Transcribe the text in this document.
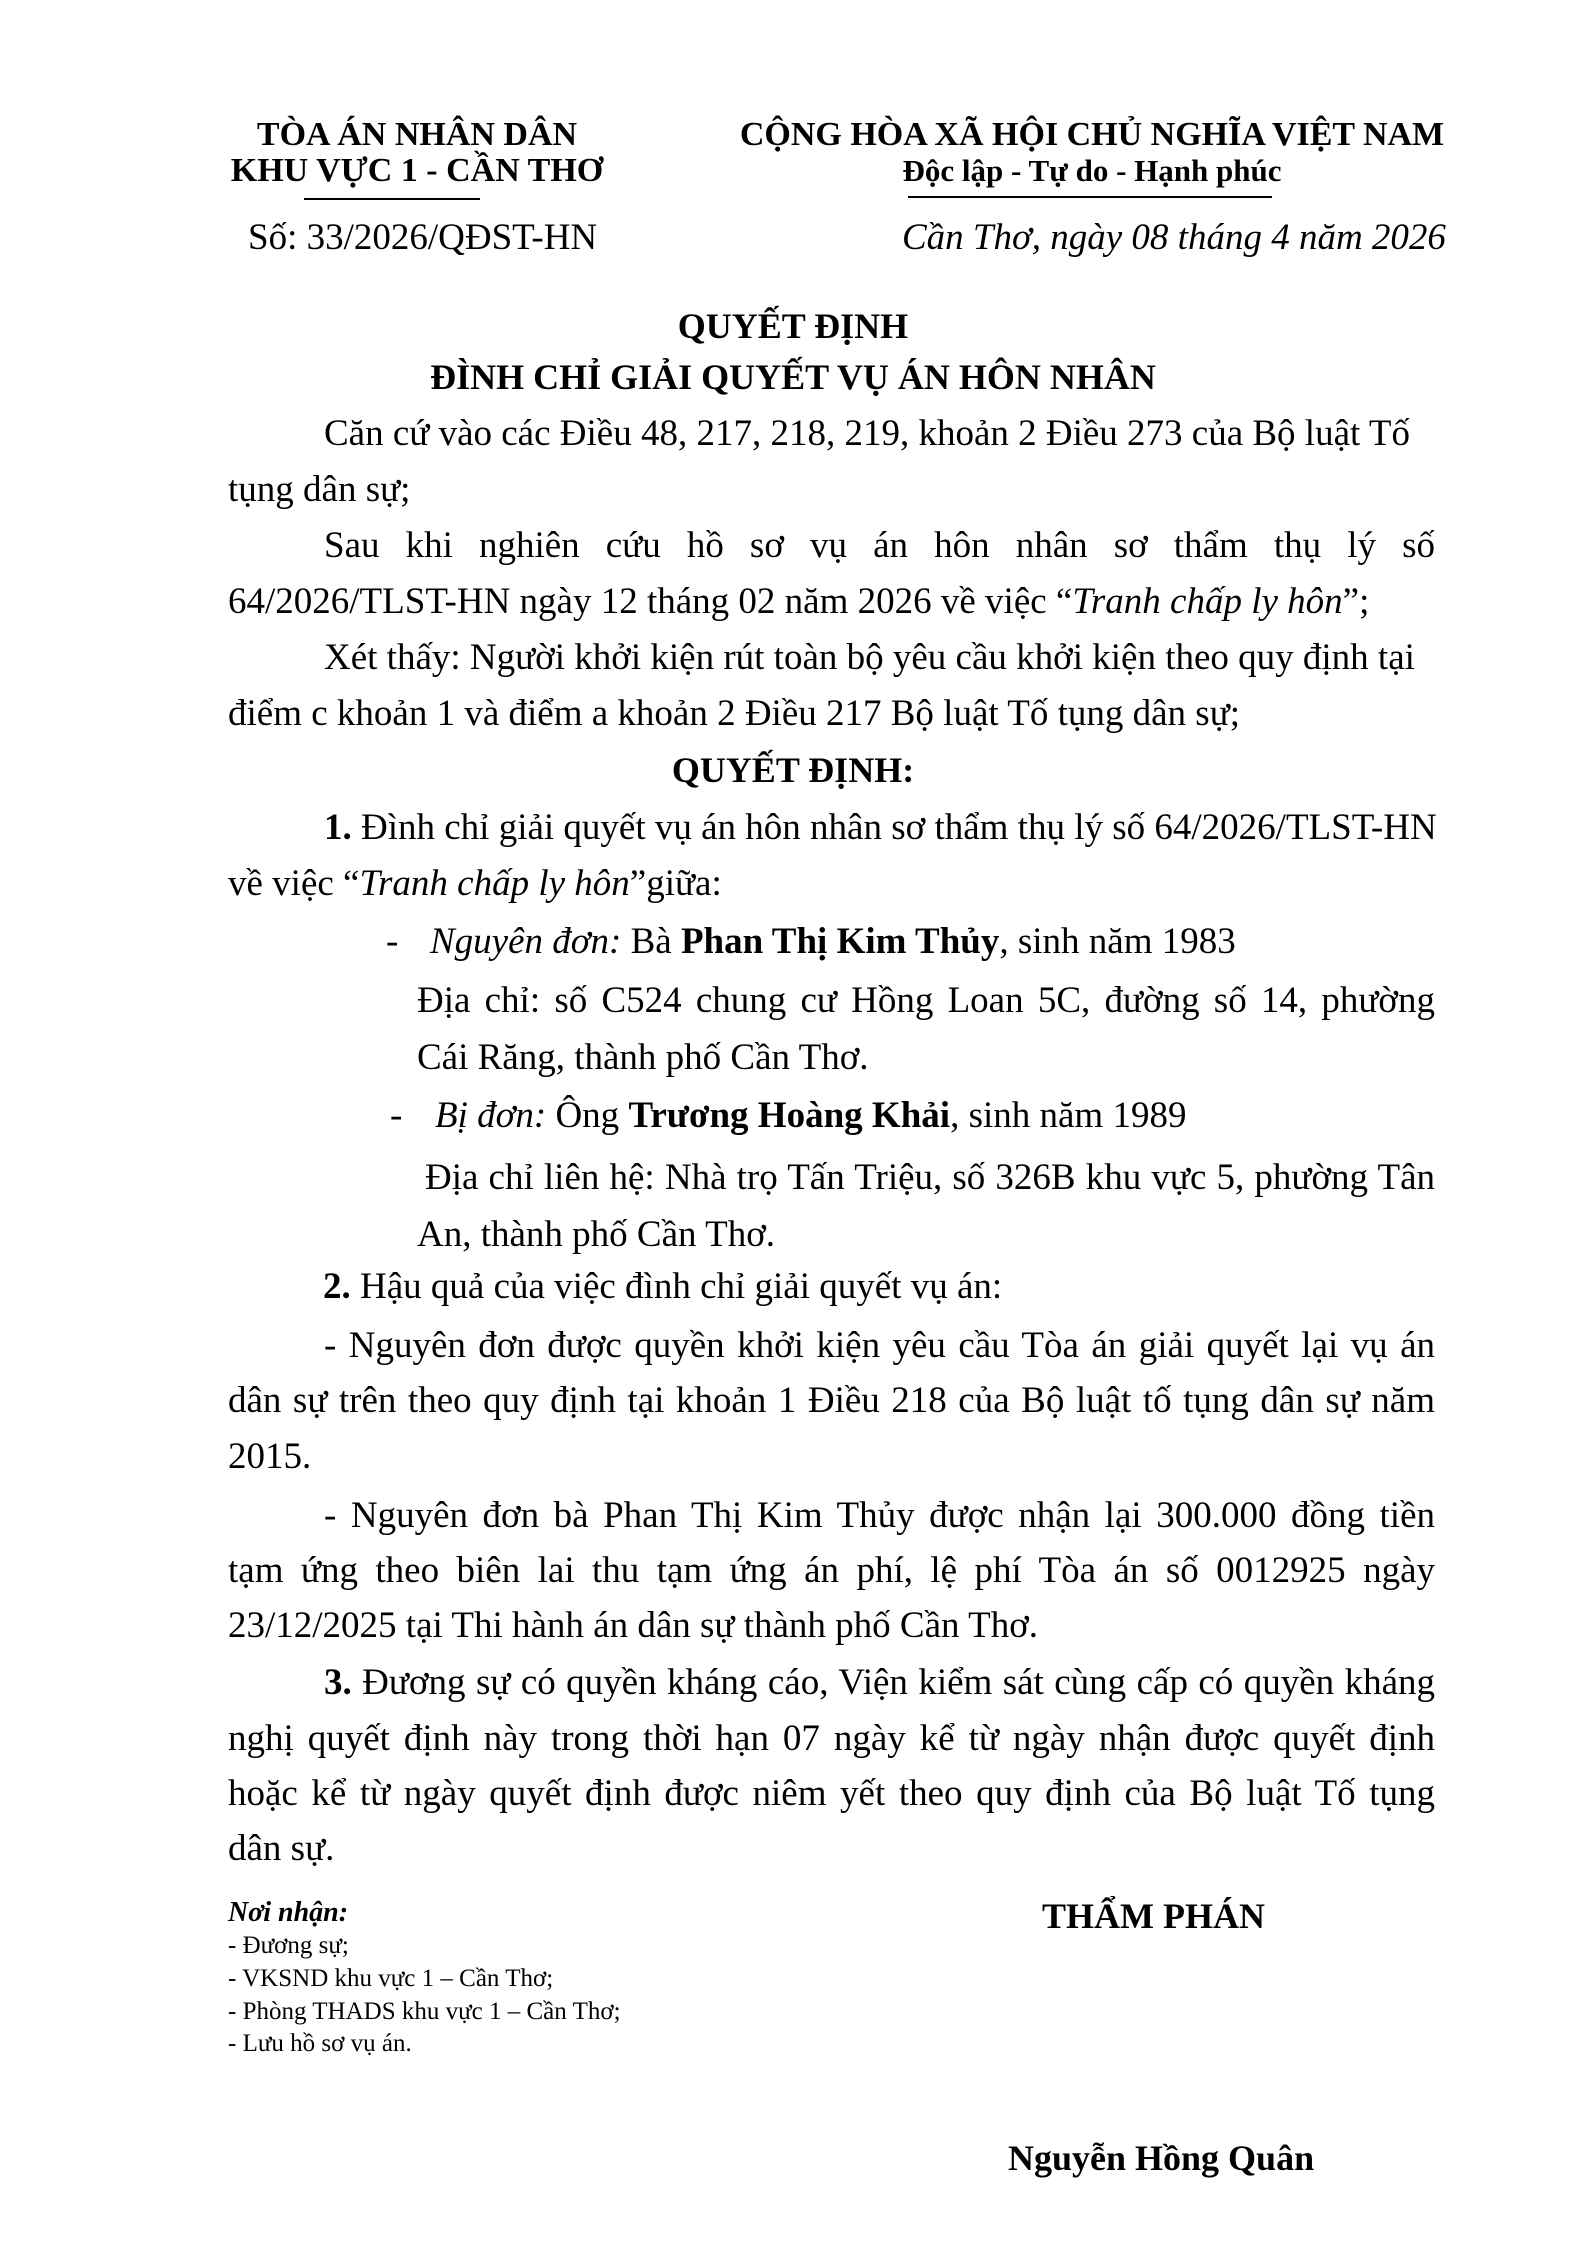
TÒA ÁN NHÂN DÂN
KHU VỰC 1 - CẦN THƠ
Số: 33/2026/QĐST-HN
CỘNG HÒA XÃ HỘI CHỦ NGHĨA VIỆT NAM
Độc lập - Tự do - Hạnh phúc
Cần Thơ, ngày 08 tháng 4 năm 2026
QUYẾT ĐỊNH
ĐÌNH CHỈ GIẢI QUYẾT VỤ ÁN HÔN NHÂN
Căn cứ vào các Điều 48, 217, 218, 219, khoản 2 Điều 273 của Bộ luật Tố
tụng dân sự;
Sau khi nghiên cứu hồ sơ vụ án hôn nhân sơ thẩm thụ lý số
64/2026/TLST-HN ngày 12 tháng 02 năm 2026 về việc “Tranh chấp ly hôn”;
Xét thấy: Người khởi kiện rút toàn bộ yêu cầu khởi kiện theo quy định tại
điểm c khoản 1 và điểm a khoản 2 Điều 217 Bộ luật Tố tụng dân sự;
QUYẾT ĐỊNH:
1. Đình chỉ giải quyết vụ án hôn nhân sơ thẩm thụ lý số 64/2026/TLST-HN
về việc “Tranh chấp ly hôn”giữa:
- Nguyên đơn: Bà Phan Thị Kim Thủy, sinh năm 1983
Địa chỉ: số C524 chung cư Hồng Loan 5C, đường số 14, phường
Cái Răng, thành phố Cần Thơ.
- Bị đơn: Ông Trương Hoàng Khải, sinh năm 1989
Địa chỉ liên hệ: Nhà trọ Tấn Triệu, số 326B khu vực 5, phường Tân
An, thành phố Cần Thơ.
2. Hậu quả của việc đình chỉ giải quyết vụ án:
- Nguyên đơn được quyền khởi kiện yêu cầu Tòa án giải quyết lại vụ án
dân sự trên theo quy định tại khoản 1 Điều 218 của Bộ luật tố tụng dân sự năm
2015.
- Nguyên đơn bà Phan Thị Kim Thủy được nhận lại 300.000 đồng tiền
tạm ứng theo biên lai thu tạm ứng án phí, lệ phí Tòa án số 0012925 ngày
23/12/2025 tại Thi hành án dân sự thành phố Cần Thơ.
3. Đương sự có quyền kháng cáo, Viện kiểm sát cùng cấp có quyền kháng
nghị quyết định này trong thời hạn 07 ngày kể từ ngày nhận được quyết định
hoặc kể từ ngày quyết định được niêm yết theo quy định của Bộ luật Tố tụng
dân sự.
Nơi nhận:
- Đương sự;
- VKSND khu vực 1 – Cần Thơ;
- Phòng THADS khu vực 1 – Cần Thơ;
- Lưu hồ sơ vụ án.
THẨM PHÁN
Nguyễn Hồng Quân
